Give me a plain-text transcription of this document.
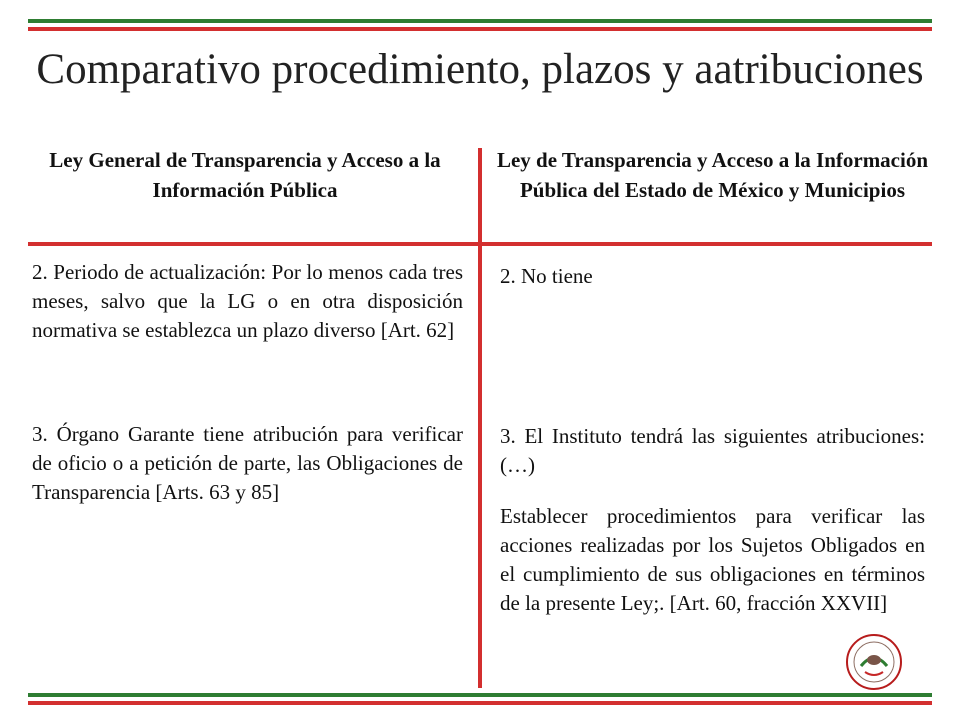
Comparativo procedimiento, plazos y aatribuciones
Ley General de Transparencia y Acceso a la Información Pública
Ley de Transparencia y Acceso a la Información Pública del Estado de México y Municipios

2. Periodo de actualización: Por lo menos cada tres meses, salvo que la LG o en otra disposición normativa se establezca un plazo diverso [Art. 62]

3. Órgano Garante tiene atribución para verificar de oficio o a petición de parte, las Obligaciones de Transparencia [Arts. 63 y 85]

2. No tiene

3. El Instituto tendrá las siguientes atribuciones: (…)

Establecer procedimientos para verificar las acciones realizadas por los Sujetos Obligados en el cumplimiento de sus obligaciones en términos de la presente Ley;. [Art. 60, fracción XXVII]
